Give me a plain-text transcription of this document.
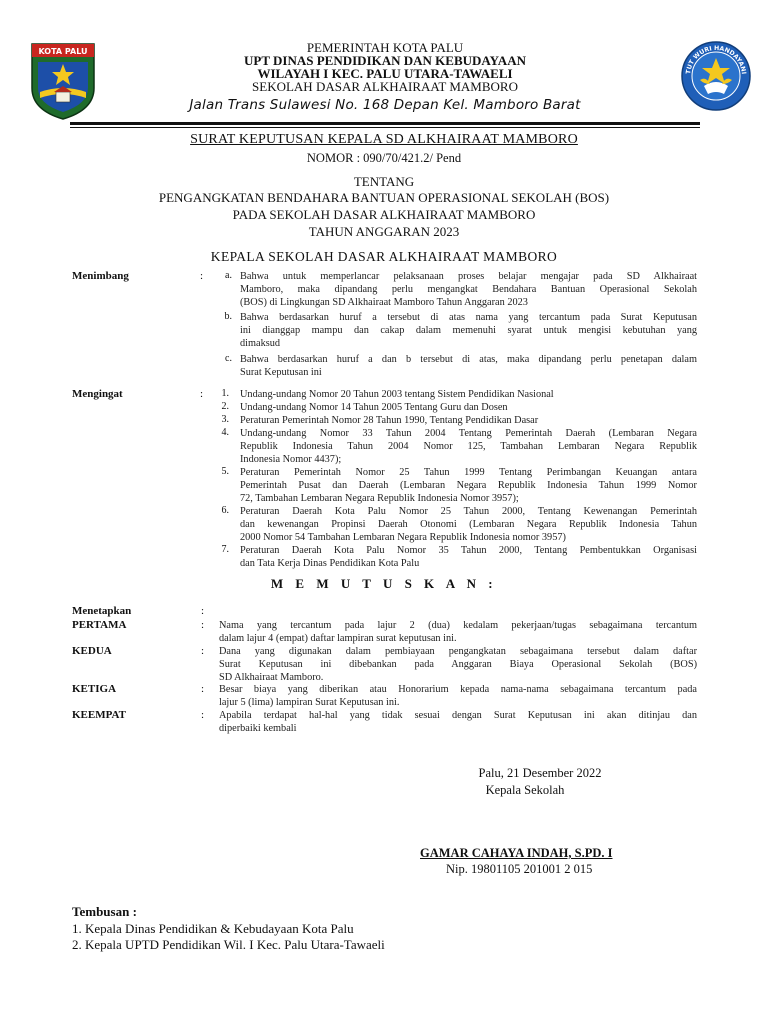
KOTA PALU
TUT WURI HANDAYANI
PEMERINTAH KOTA PALU
UPT DINAS PENDIDIKAN DAN KEBUDAYAAN
WILAYAH I KEC. PALU UTARA-TAWAELI
SEKOLAH DASAR ALKHAIRAAT MAMBORO
Jalan Trans Sulawesi No. 168 Depan Kel. Mamboro Barat
SURAT KEPUTUSAN KEPALA SD ALKHAIRAAT MAMBORO
NOMOR : 090/70/421.2/ Pend
TENTANG
PENGANGKATAN BENDAHARA BANTUAN OPERASIONAL SEKOLAH (BOS)
PADA SEKOLAH DASAR ALKHAIRAAT MAMBORO
TAHUN ANGGARAN 2023
KEPALA SEKOLAH DASAR ALKHAIRAAT MAMBORO
Menimbang	:	a. Bahwa untuk memperlancar pelaksanaan proses belajar mengajar pada SD Alkhairaat
Mamboro, maka dipandang perlu mengangkat Bendahara Bantuan Operasional Sekolah
(BOS) di Lingkungan SD Alkhairaat Mamboro Tahun Anggaran 2023
b. Bahwa berdasarkan huruf a tersebut di atas nama yang tercantum pada Surat Keputusan
ini dianggap mampu dan cakap dalam memenuhi syarat untuk mengisi kebutuhan yang
dimaksud
c. Bahwa berdasarkan huruf a dan b tersebut di atas, maka dipandang perlu penetapan dalam
Surat Keputusan ini
Mengingat	:	1. Undang-undang Nomor 20 Tahun 2003 tentang Sistem Pendidikan Nasional
2. Undang-undang Nomor 14 Tahun 2005 Tentang Guru dan Dosen
3. Peraturan Pemerintah Nomor 28 Tahun 1990, Tentang Pendidikan Dasar
4. Undang-undang Nomor 33 Tahun 2004 Tentang Pemerintah Daerah (Lembaran Negara
Republik Indonesia Tahun 2004 Nomor 125, Tambahan Lembaran Negara Republik
Indonesia Nomor 4437);
5. Peraturan Pemerintah Nomor 25 Tahun 1999 Tentang Perimbangan Keuangan antara
Pemerintah Pusat dan Daerah (Lembaran Negara Republik Indonesia Tahun 1999 Nomor
72, Tambahan Lembaran Negara Republik Indonesia Nomor 3957);
6. Peraturan Daerah Kota Palu Nomor 25 Tahun 2000, Tentang Kewenangan Pemerintah
dan kewenangan Propinsi Daerah Otonomi (Lembaran Negara Republik Indonesia Tahun
2000 Nomor 54 Tambahan Lembaran Negara Republik Indonesia nomor 3957)
7. Peraturan Daerah Kota Palu Nomor 35 Tahun 2000, Tentang Pembentukkan Organisasi
dan Tata Kerja Dinas Pendidikan Kota Palu
M E M U T U S K A N :
Menetapkan	:
PERTAMA	: Nama yang tercantum pada lajur 2 (dua) kedalam pekerjaan/tugas sebagaimana tercantum
dalam lajur 4 (empat) daftar lampiran surat keputusan ini.
KEDUA	: Dana yang digunakan dalam pembiayaan pengangkatan sebagaimana tersebut dalam daftar
Surat Keputusan ini dibebankan pada Anggaran Biaya Operasional Sekolah (BOS)
SD Alkhairaat Mamboro.
KETIGA	: Besar biaya yang diberikan atau Honorarium kepada nama-nama sebagaimana tercantum pada
lajur 5 (lima) lampiran Surat Keputusan ini.
KEEMPAT	: Apabila terdapat hal-hal yang tidak sesuai dengan Surat Keputusan ini akan ditinjau dan
diperbaiki kembali
Palu, 21 Desember 2022
Kepala Sekolah
GAMAR CAHAYA INDAH, S.PD. I
Nip. 19801105 201001 2 015
Tembusan :
1. Kepala Dinas Pendidikan & Kebudayaan Kota Palu
2. Kepala UPTD Pendidikan Wil. I Kec. Palu Utara-Tawaeli
